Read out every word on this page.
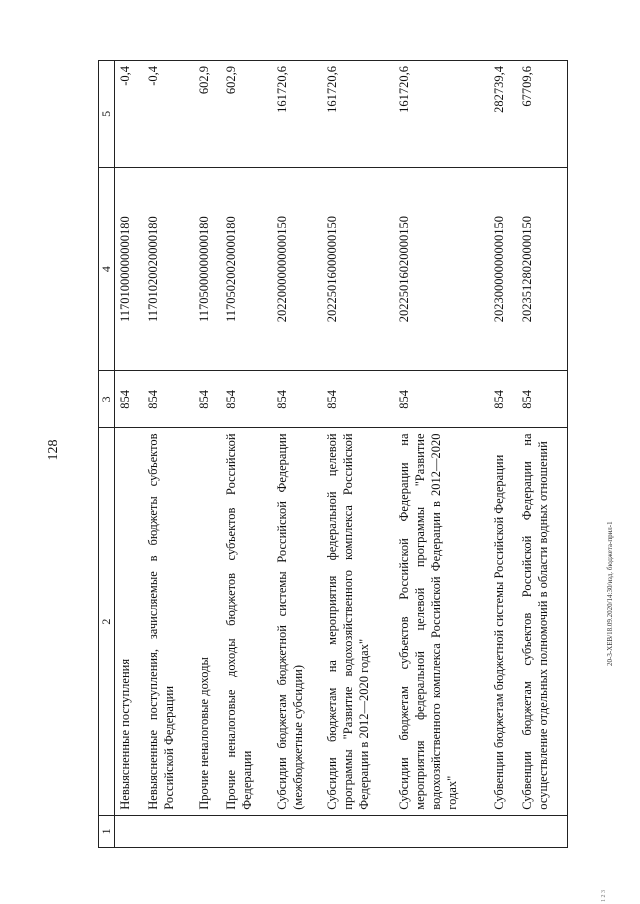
128
1	2	3	4	5
	Невыясненные поступления	854	11701000000000180	-0,4
	Невыясненные поступления, зачисляемые в бюджеты субъектов Российской Федерации	854	11701020020000180	-0,4
	Прочие неналоговые доходы	854	11705000000000180	602,9
	Прочие неналоговые доходы бюджетов субъектов Российской Федерации	854	11705020020000180	602,9
	Субсидии бюджетам бюджетной системы Российской Федерации (межбюджетные субсидии)	854	20220000000000150	161720,6
	Субсидии бюджетам на мероприятия федеральной целевой программы "Развитие водохозяйственного комплекса Российской Федерации в 2012—2020 годах"	854	20225016000000150	161720,6
	Субсидии бюджетам субъектов Российской Федерации на мероприятия федеральной целевой программы "Развитие водохозяйственного комплекса Российской Федерации в 2012—2020 годах"	854	20225016020000150	161720,6
	Субвенции бюджетам бюджетной системы Российской Федерации	854	20230000000000150	282739,4
	Субвенции бюджетам субъектов Российской Федерации на осуществление отдельных полномочий в области водных отношений	854	20235128020000150	67709,6
20-3-XEB/18.09.2020/14:30/изд. бюджета-прил-1
1 2 3
